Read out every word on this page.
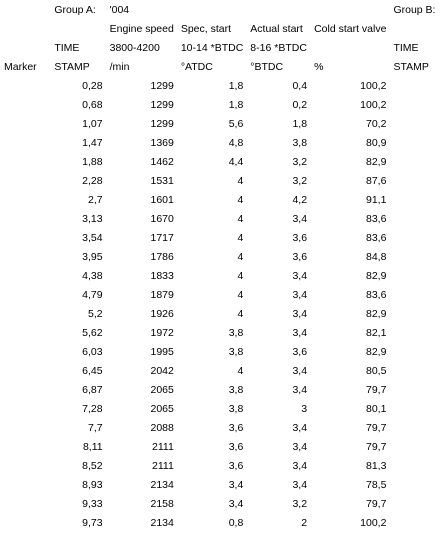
	Group A:	'004				Group B:
		Engine speed	Spec, start	Actual start	Cold start valve	
	TIME	3800-4200	10-14 *BTDC	8-16 *BTDC		TIME
Marker	STAMP	/min	°ATDC	°BTDC	%	STAMP
	0,28	1299	1,8	0,4	100,2	
	0,68	1299	1,8	0,2	100,2	
	1,07	1299	5,6	1,8	70,2	
	1,47	1369	4,8	3,8	80,9	
	1,88	1462	4,4	3,2	82,9	
	2,28	1531	4	3,2	87,6	
	2,7	1601	4	4,2	91,1	
	3,13	1670	4	3,4	83,6	
	3,54	1717	4	3,6	83,6	
	3,95	1786	4	3,6	84,8	
	4,38	1833	4	3,4	82,9	
	4,79	1879	4	3,4	83,6	
	5,2	1926	4	3,4	82,9	
	5,62	1972	3,8	3,4	82,1	
	6,03	1995	3,8	3,6	82,9	
	6,45	2042	4	3,4	80,5	
	6,87	2065	3,8	3,4	79,7	
	7,28	2065	3,8	3	80,1	
	7,7	2088	3,6	3,4	79,7	
	8,11	2111	3,6	3,4	79,7	
	8,52	2111	3,6	3,4	81,3	
	8,93	2134	3,4	3,4	78,5	
	9,33	2158	3,4	3,2	79,7	
	9,73	2134	0,8	2	100,2	
